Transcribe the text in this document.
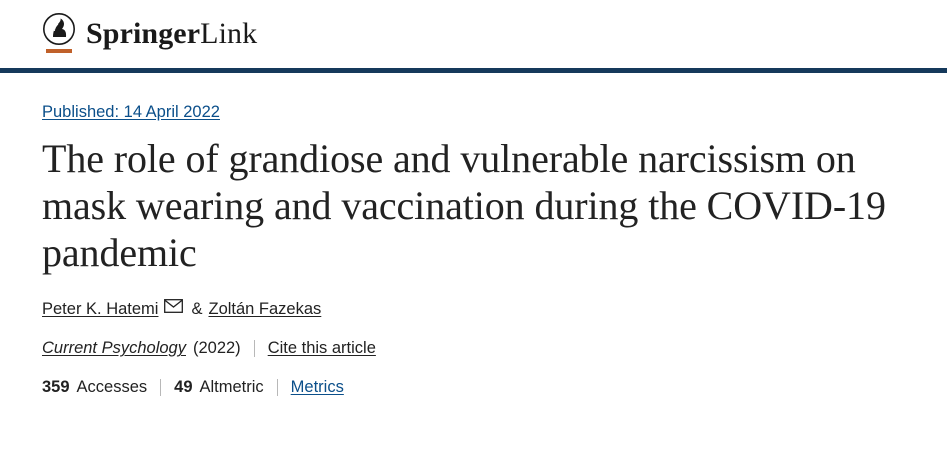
SpringerLink
Published: 14 April 2022
The role of grandiose and vulnerable narcissism on mask wearing and vaccination during the COVID-19 pandemic
Peter K. Hatemi & Zoltán Fazekas
Current Psychology (2022) Cite this article
359 Accesses 49 Altmetric Metrics
